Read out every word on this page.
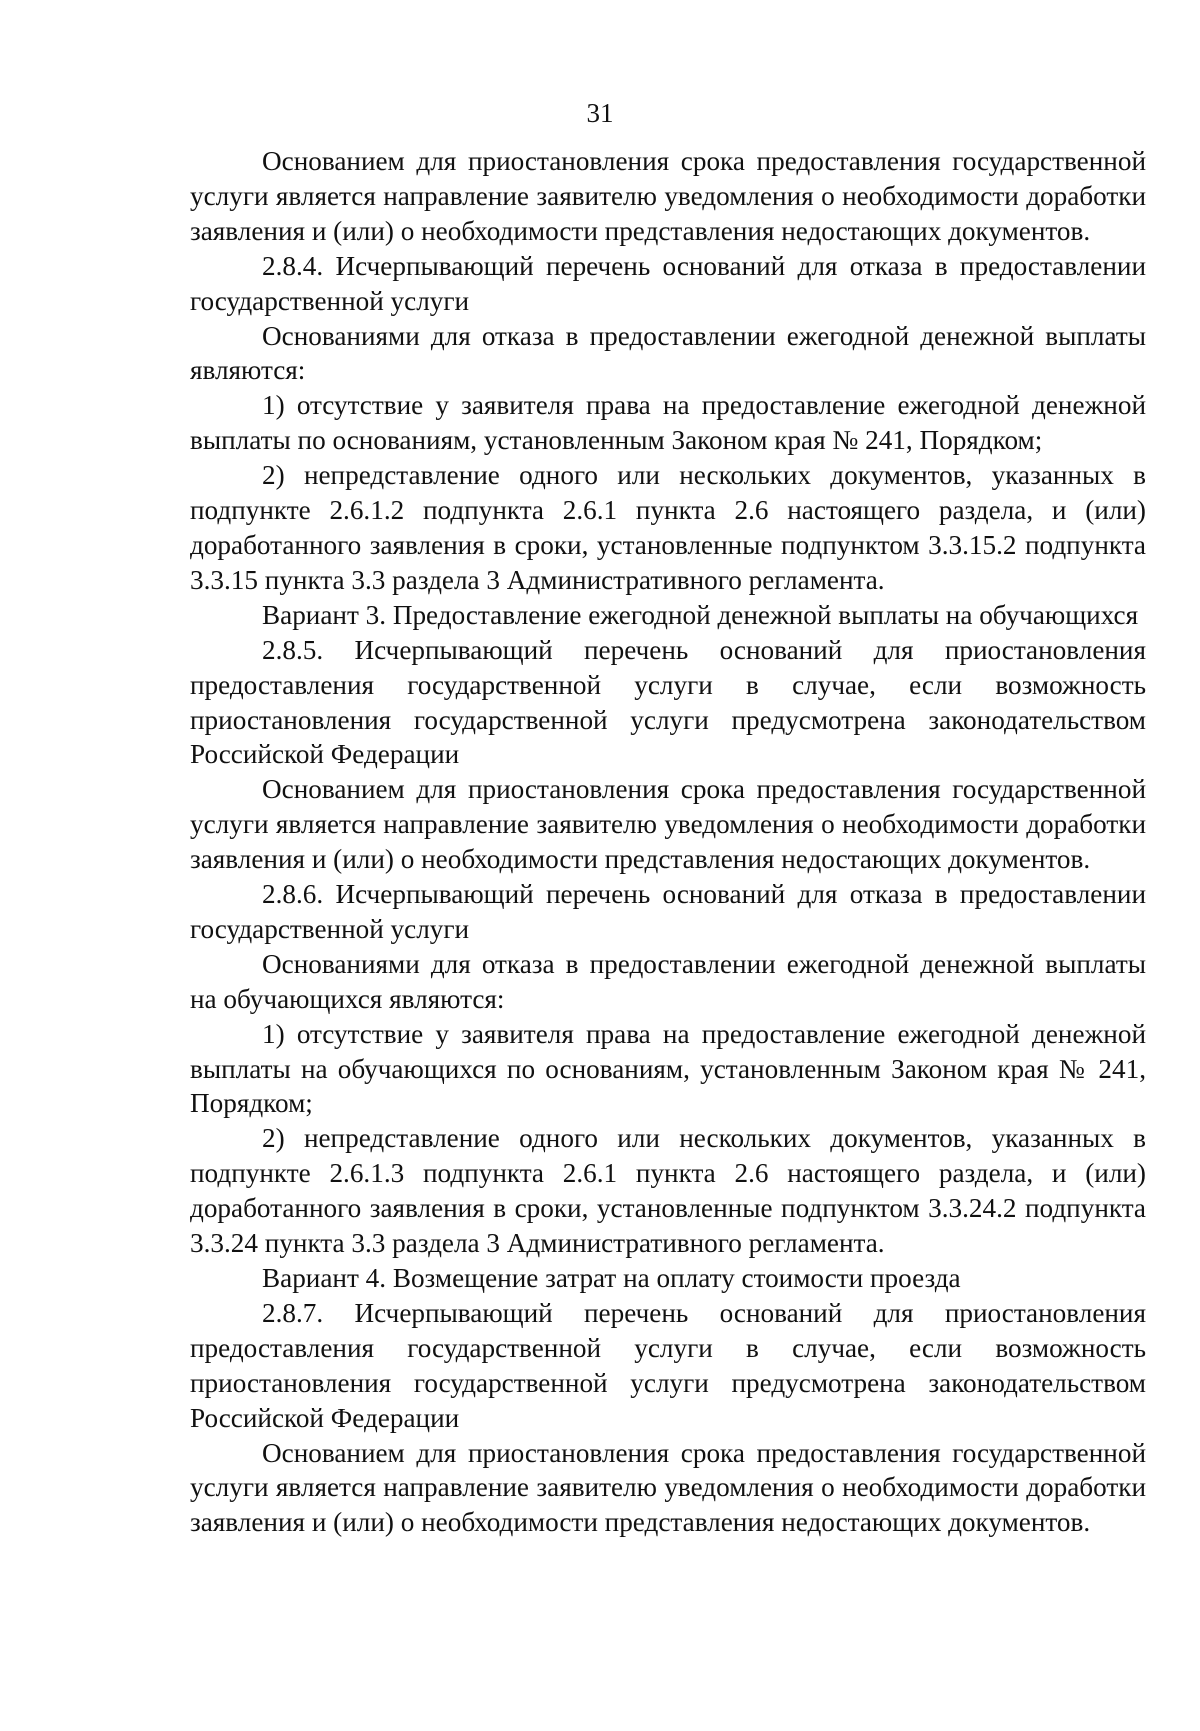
31

Основанием для приостановления срока предоставления государственной услуги является направление заявителю уведомления о необходимости доработки заявления и (или) о необходимости представления недостающих документов.

2.8.4. Исчерпывающий перечень оснований для отказа в предоставлении государственной услуги

Основаниями для отказа в предоставлении ежегодной денежной выплаты являются:

1) отсутствие у заявителя права на предоставление ежегодной денежной выплаты по основаниям, установленным Законом края № 241, Порядком;

2) непредставление одного или нескольких документов, указанных в подпункте 2.6.1.2 подпункта 2.6.1 пункта 2.6 настоящего раздела, и (или) доработанного заявления в сроки, установленные подпунктом 3.3.15.2 подпункта 3.3.15 пункта 3.3 раздела 3 Административного регламента.

Вариант 3. Предоставление ежегодной денежной выплаты на обучающихся

2.8.5. Исчерпывающий перечень оснований для приостановления предоставления государственной услуги в случае, если возможность приостановления государственной услуги предусмотрена законодательством Российской Федерации

Основанием для приостановления срока предоставления государственной услуги является направление заявителю уведомления о необходимости доработки заявления и (или) о необходимости представления недостающих документов.

2.8.6. Исчерпывающий перечень оснований для отказа в предоставлении государственной услуги

Основаниями для отказа в предоставлении ежегодной денежной выплаты на обучающихся являются:

1) отсутствие у заявителя права на предоставление ежегодной денежной выплаты на обучающихся по основаниям, установленным Законом края № 241, Порядком;

2) непредставление одного или нескольких документов, указанных в подпункте 2.6.1.3 подпункта 2.6.1 пункта 2.6 настоящего раздела, и (или) доработанного заявления в сроки, установленные подпунктом 3.3.24.2 подпункта 3.3.24 пункта 3.3 раздела 3 Административного регламента.

Вариант 4. Возмещение затрат на оплату стоимости проезда

2.8.7. Исчерпывающий перечень оснований для приостановления предоставления государственной услуги в случае, если возможность приостановления государственной услуги предусмотрена законодательством Российской Федерации

Основанием для приостановления срока предоставления государственной услуги является направление заявителю уведомления о необходимости доработки заявления и (или) о необходимости представления недостающих документов.
